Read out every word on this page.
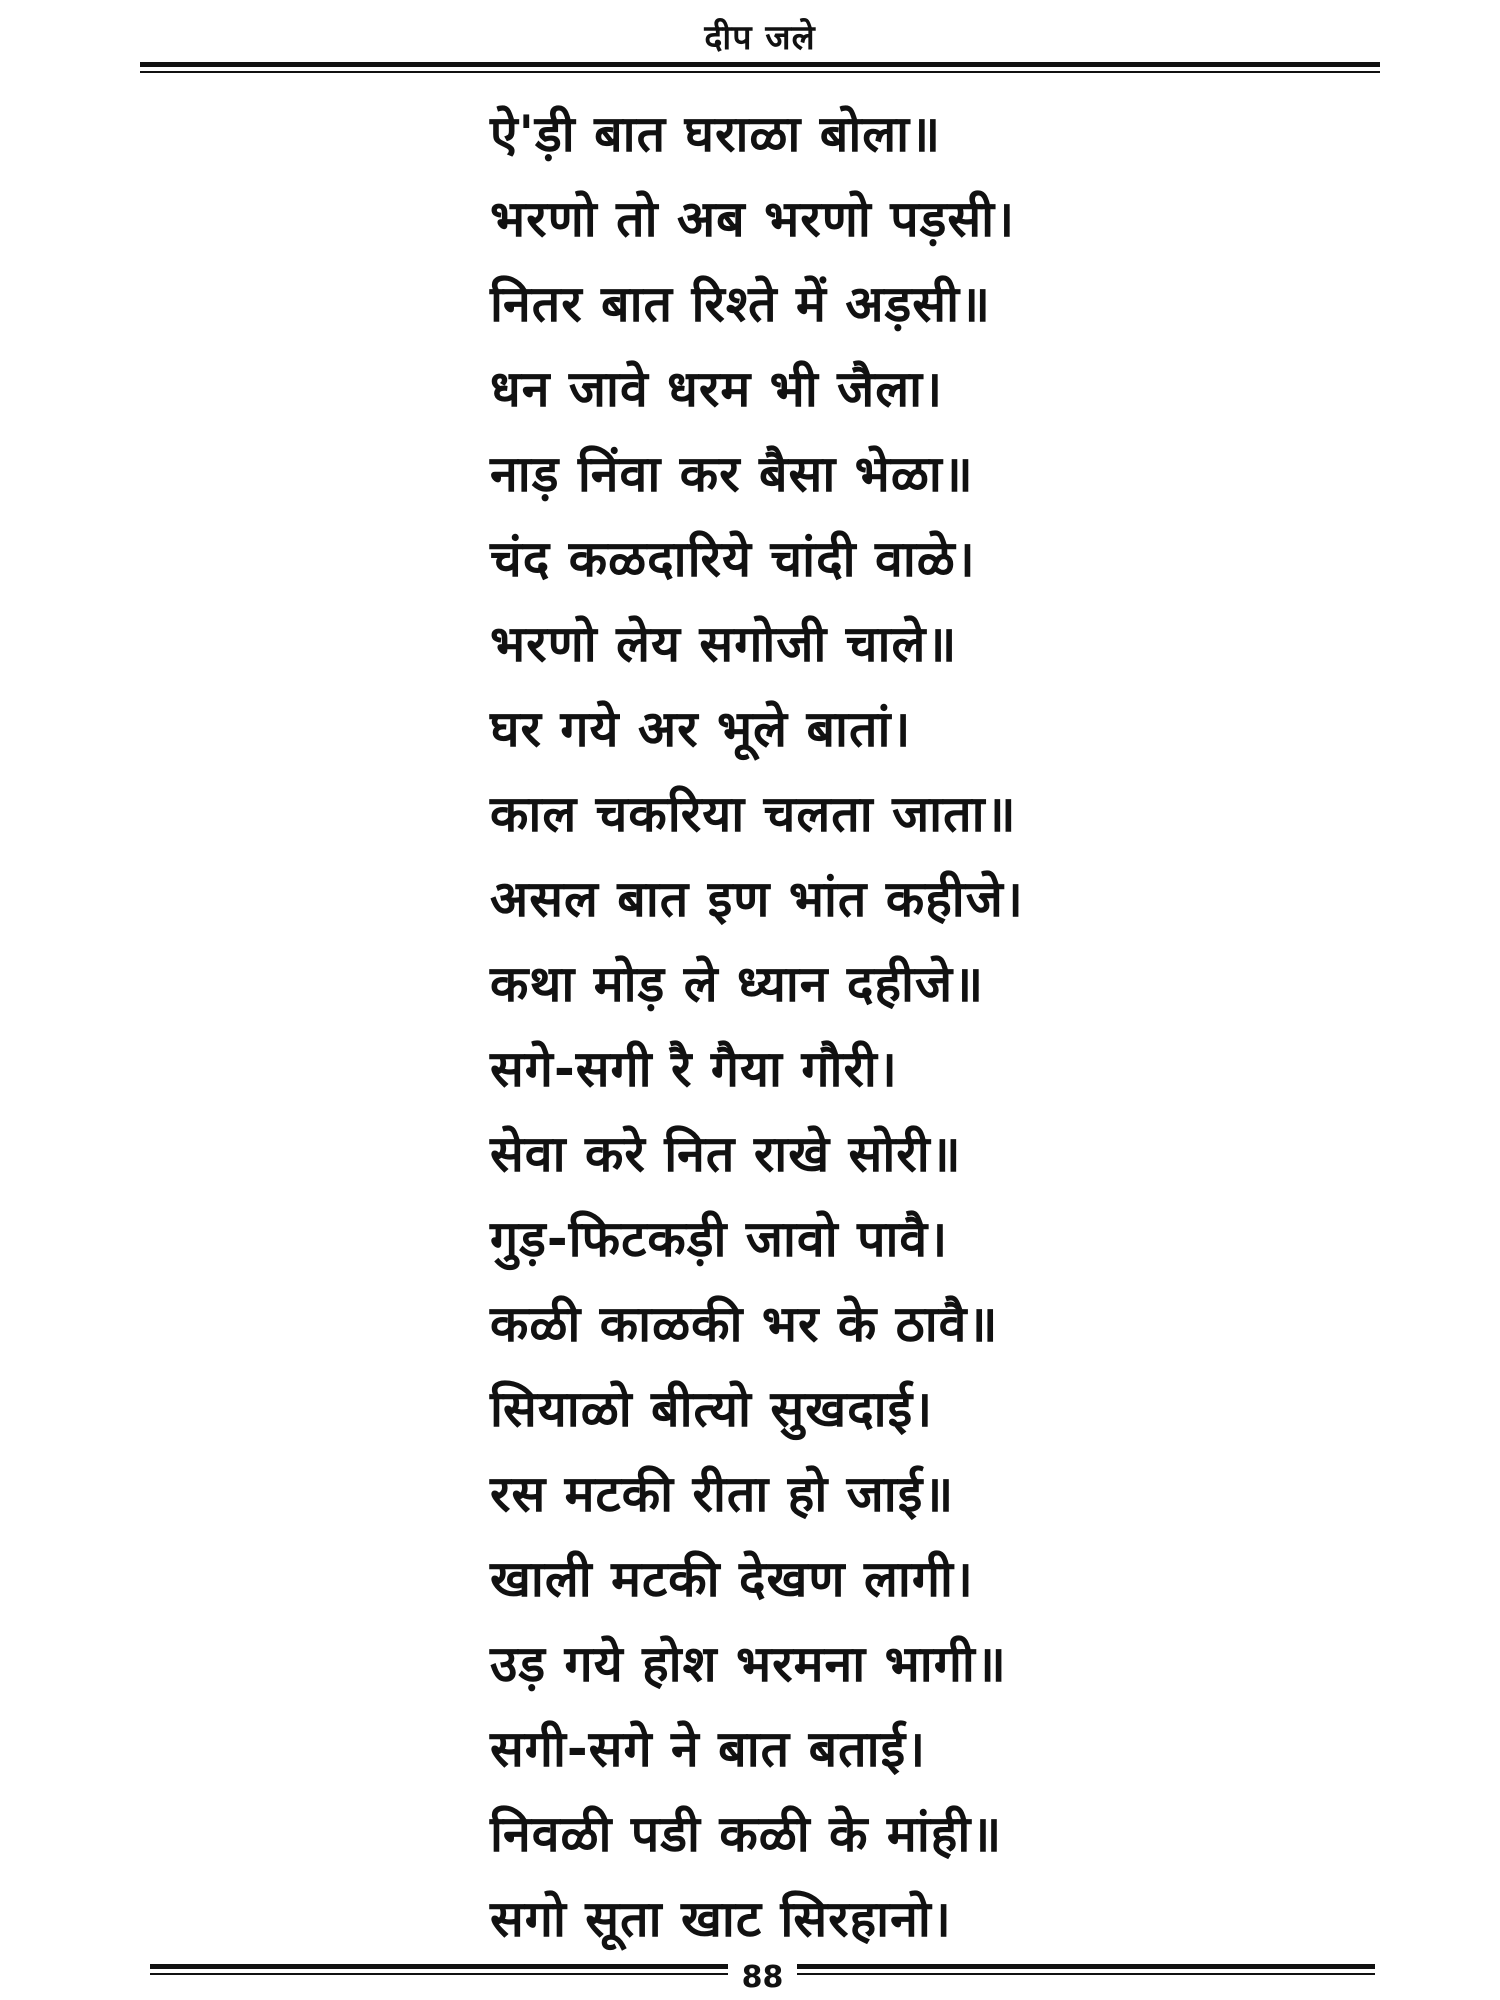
दीप जले
ऐ'ड़ी बात घराळा बोला॥
भरणो तो अब भरणो पड़सी।
नितर बात रिश्ते में अड़सी॥
धन जावे धरम भी जैला।
नाड़ निंवा कर बैसा भेळा॥
चंद कळदारिये चांदी वाळे।
भरणो लेय सगोजी चाले॥
घर गये अर भूले बातां।
काल चकरिया चलता जाता॥
असल बात इण भांत कहीजे।
कथा मोड़ ले ध्यान दहीजे॥
सगे-सगी रै गैया गौरी।
सेवा करे नित राखे सोरी॥
गुड़-फिटकड़ी जावो पावै।
कळी काळकी भर के ठावै॥
सियाळो बीत्यो सुखदाई।
रस मटकी रीता हो जाई॥
खाली मटकी देखण लागी।
उड़ गये होश भरमना भागी॥
सगी-सगे ने बात बताई।
निवळी पडी कळी के मांही॥
सगो सूता खाट सिरहानो।
88
